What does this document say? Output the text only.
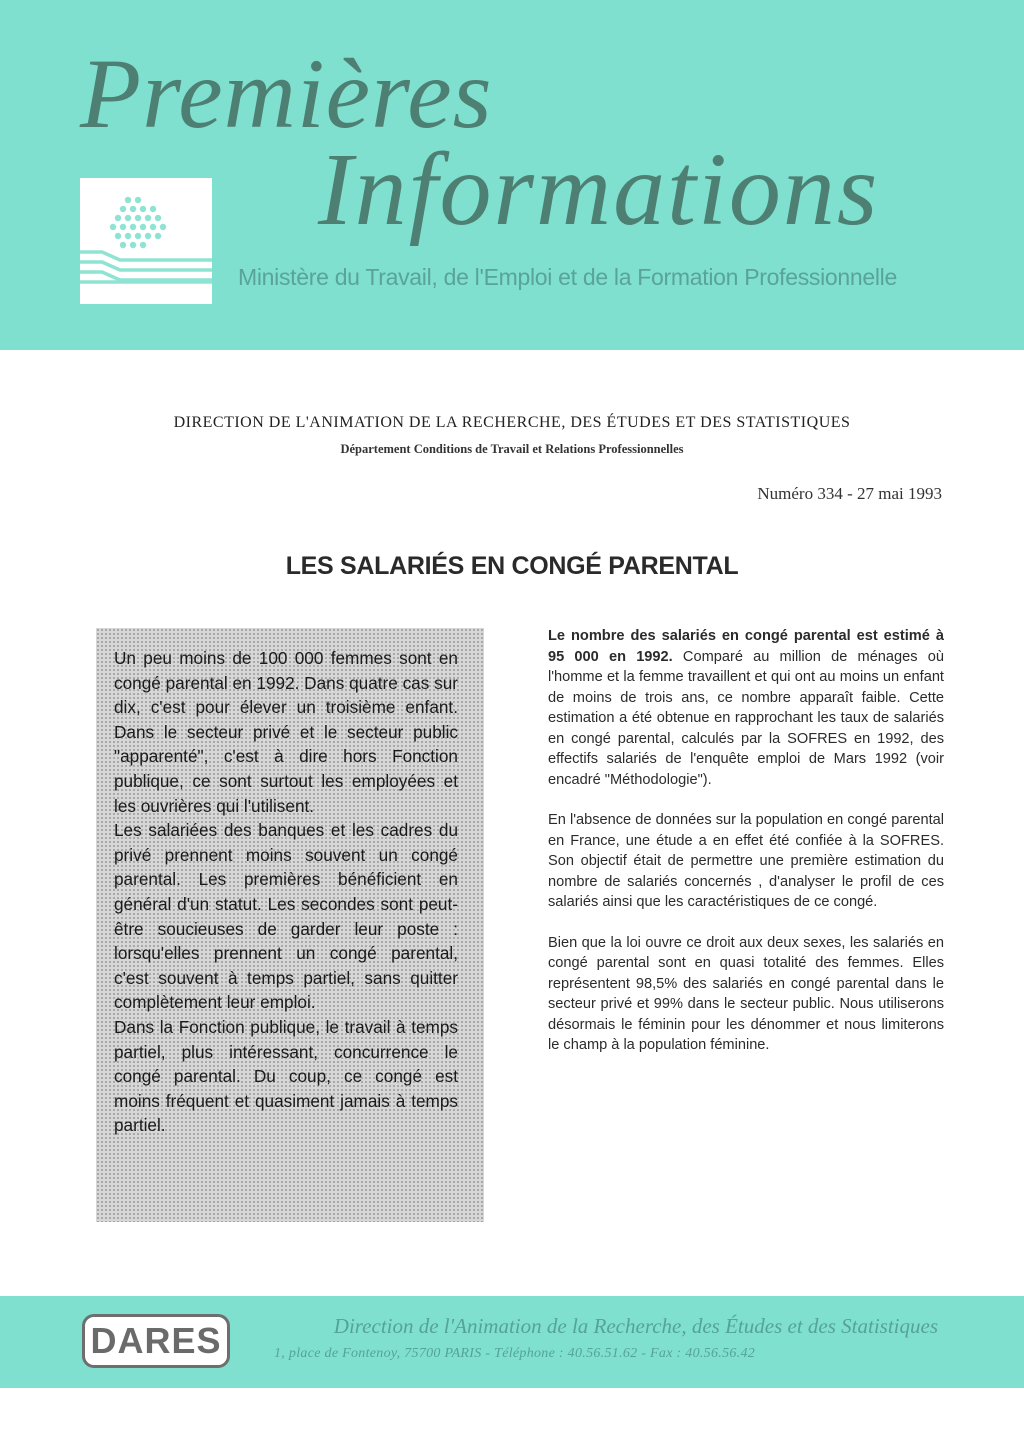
Premières
Informations
Ministère du Travail, de l'Emploi et de la Formation Professionnelle
DIRECTION DE L'ANIMATION DE LA RECHERCHE, DES ÉTUDES ET DES STATISTIQUES
Département Conditions de Travail et Relations Professionnelles
Numéro 334 - 27 mai 1993
LES SALARIÉS EN CONGÉ PARENTAL

Un peu moins de 100 000 femmes sont en congé parental en 1992. Dans quatre cas sur dix, c'est pour élever un troisième enfant. Dans le secteur privé et le secteur public "apparenté", c'est à dire hors Fonction publique, ce sont surtout les employées et les ouvrières qui l'utilisent.

Les salariées des banques et les cadres du privé prennent moins souvent un congé parental. Les premières bénéficient en général d'un statut. Les secondes sont peut-être soucieuses de garder leur poste : lorsqu'elles prennent un congé parental, c'est souvent à temps partiel, sans quitter complètement leur emploi.

Dans la Fonction publique, le travail à temps partiel, plus intéressant, concurrence le congé parental. Du coup, ce congé est moins fréquent et quasiment jamais à temps partiel.

Le nombre des salariés en congé parental est estimé à 95 000 en 1992. Comparé au million de ménages où l'homme et la femme travaillent et qui ont au moins un enfant de moins de trois ans, ce nombre apparaît faible. Cette estimation a été obtenue en rapprochant les taux de salariés en congé parental, calculés par la SOFRES en 1992, des effectifs salariés de l'enquête emploi de Mars 1992 (voir encadré "Méthodologie").

En l'absence de données sur la population en congé parental en France, une étude a en effet été confiée à la SOFRES. Son objectif était de permettre une première estimation du nombre de salariés concernés , d'analyser le profil de ces salariés ainsi que les caractéristiques de ce congé.

Bien que la loi ouvre ce droit aux deux sexes, les salariés en congé parental sont en quasi totalité des femmes. Elles représentent 98,5% des salariés en congé parental dans le secteur privé et 99% dans le secteur public. Nous utiliserons désormais le féminin pour les dénommer et nous limiterons le champ à la population féminine.

DARES	Direction de l'Animation de la Recherche, des Études et des Statistiques
1, place de Fontenoy, 75700 PARIS - Téléphone : 40.56.51.62 - Fax : 40.56.56.42
